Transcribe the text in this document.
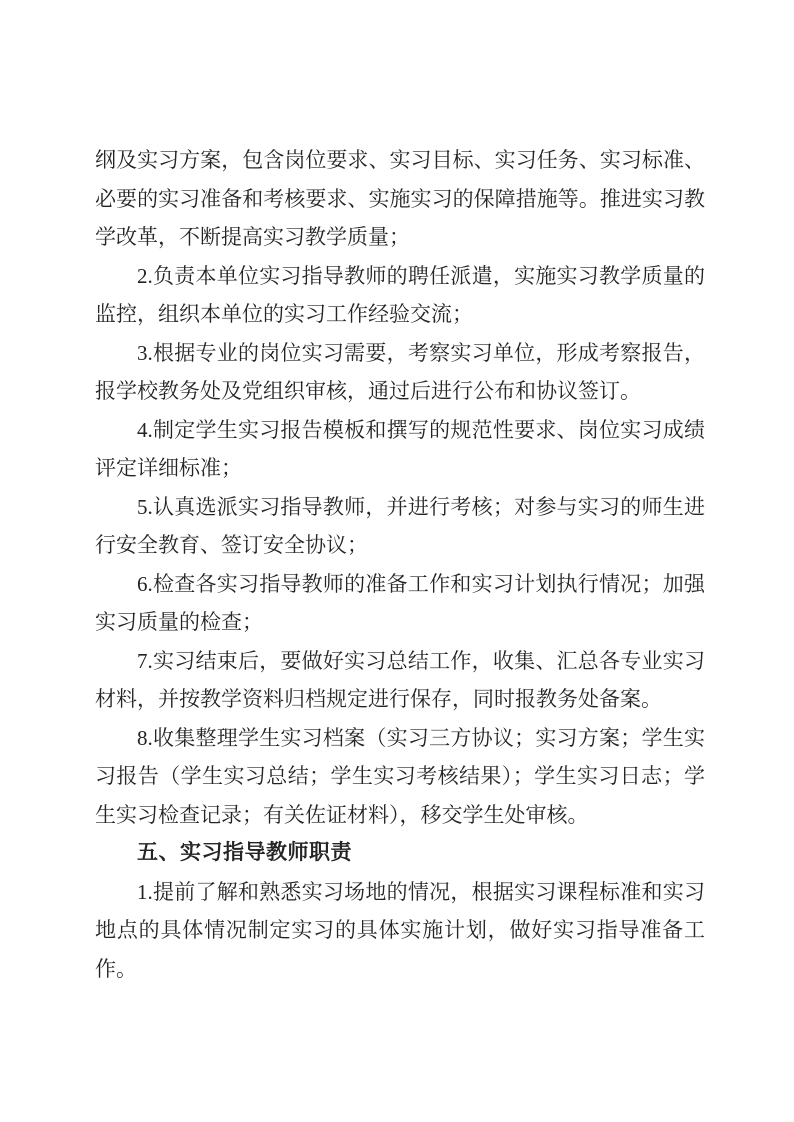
纲及实习方案，包含岗位要求、实习目标、实习任务、实习标准、必要的实习准备和考核要求、实施实习的保障措施等。推进实习教学改革，不断提高实习教学质量；

2.负责本单位实习指导教师的聘任派遣，实施实习教学质量的监控，组织本单位的实习工作经验交流；

3.根据专业的岗位实习需要，考察实习单位，形成考察报告，报学校教务处及党组织审核，通过后进行公布和协议签订。

4.制定学生实习报告模板和撰写的规范性要求、岗位实习成绩评定详细标准；

5.认真选派实习指导教师，并进行考核；对参与实习的师生进行安全教育、签订安全协议；

6.检查各实习指导教师的准备工作和实习计划执行情况；加强实习质量的检查；

7.实习结束后，要做好实习总结工作，收集、汇总各专业实习材料，并按教学资料归档规定进行保存，同时报教务处备案。

8.收集整理学生实习档案（实习三方协议；实习方案；学生实习报告（学生实习总结；学生实习考核结果）；学生实习日志；学生实习检查记录；有关佐证材料），移交学生处审核。

五、实习指导教师职责

1.提前了解和熟悉实习场地的情况，根据实习课程标准和实习地点的具体情况制定实习的具体实施计划，做好实习指导准备工作。
